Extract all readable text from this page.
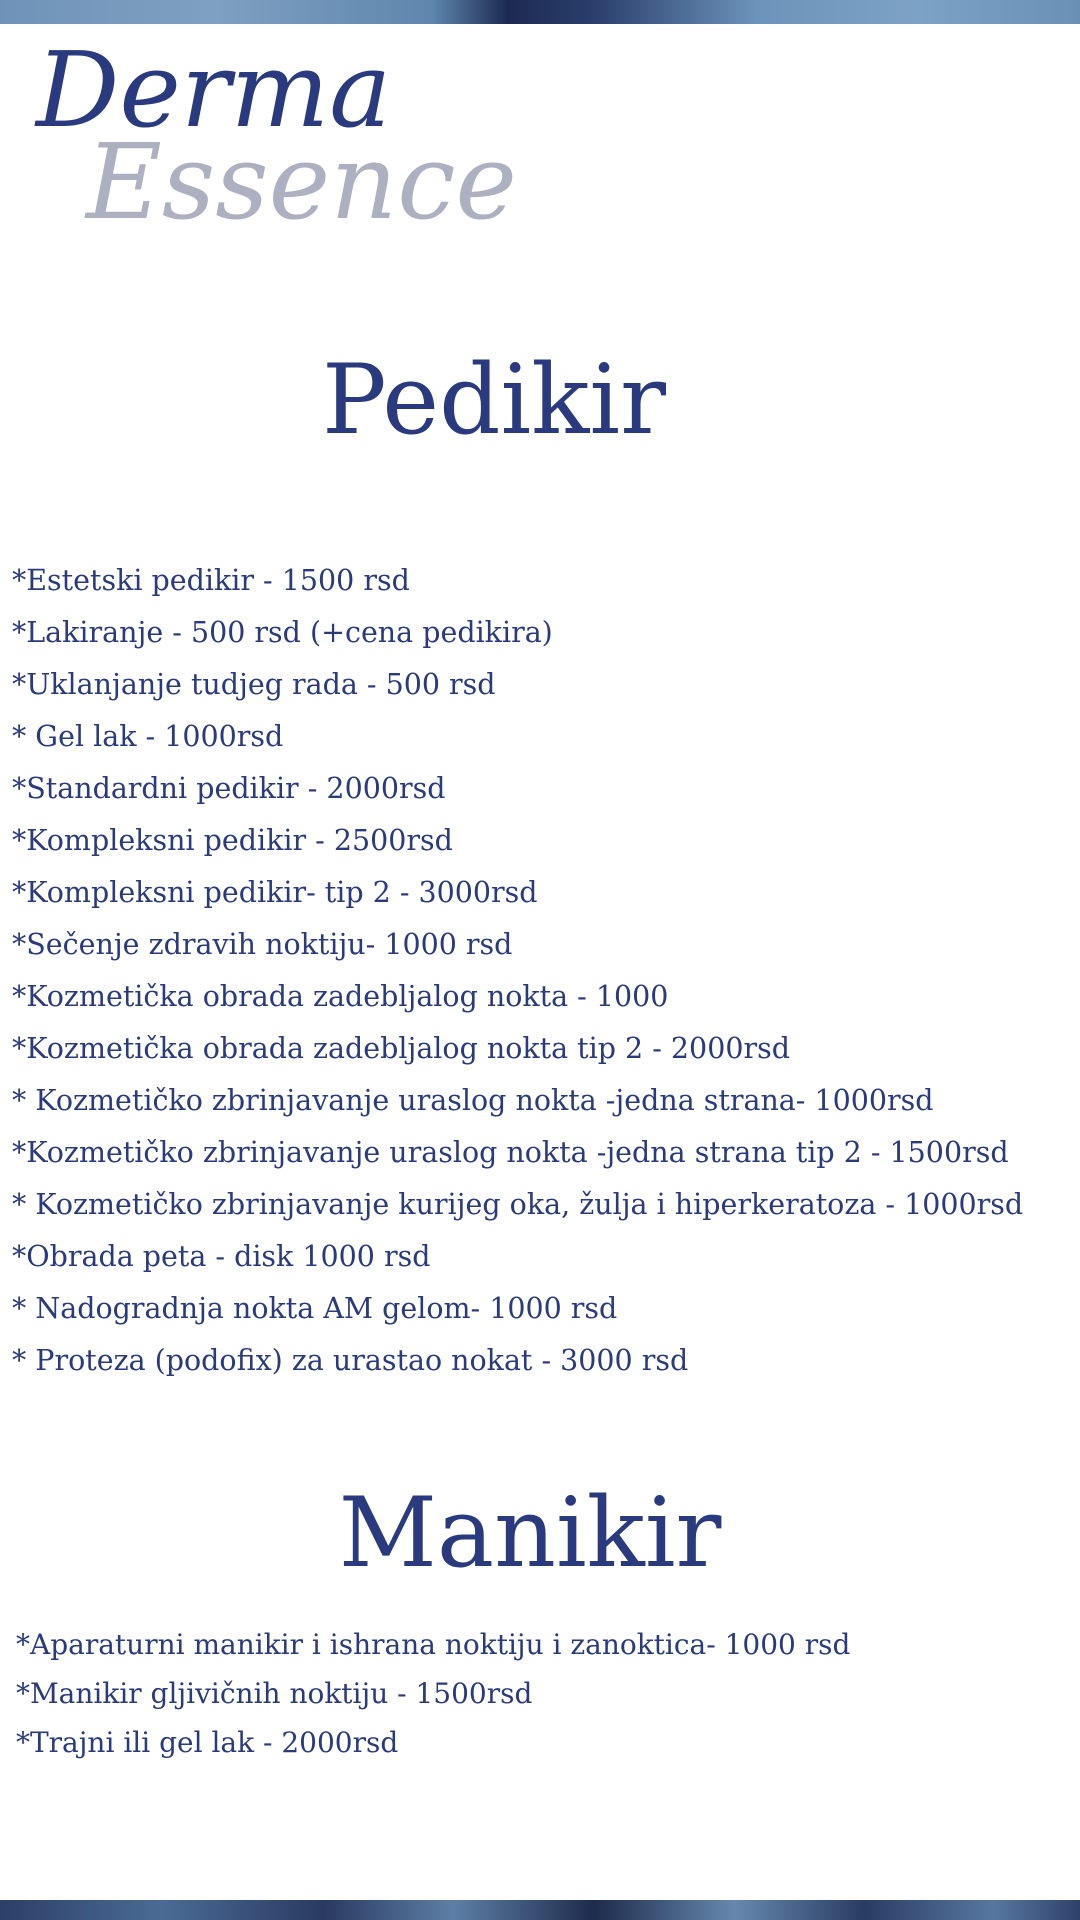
Derma
Essence
Pedikir
*Estetski pedikir - 1500 rsd
*Lakiranje - 500 rsd (+cena pedikira)
*Uklanjanje tudjeg rada - 500 rsd
* Gel lak - 1000rsd
*Standardni pedikir - 2000rsd
*Kompleksni pedikir - 2500rsd
*Kompleksni pedikir- tip 2 - 3000rsd
*Sečenje zdravih noktiju- 1000 rsd
*Kozmetička obrada zadebljalog nokta - 1000
*Kozmetička obrada zadebljalog nokta tip 2 - 2000rsd
* Kozmetičko zbrinjavanje uraslog nokta -jedna strana- 1000rsd
*Kozmetičko zbrinjavanje uraslog nokta -jedna strana tip 2 - 1500rsd
* Kozmetičko zbrinjavanje kurijeg oka, žulja i hiperkeratoza - 1000rsd
*Obrada peta - disk 1000 rsd
* Nadogradnja nokta AM gelom- 1000 rsd
* Proteza (podofix) za urastao nokat - 3000 rsd
Manikir
*Aparaturni manikir i ishrana noktiju i zanoktica- 1000 rsd
*Manikir gljivičnih noktiju - 1500rsd
*Trajni ili gel lak - 2000rsd
